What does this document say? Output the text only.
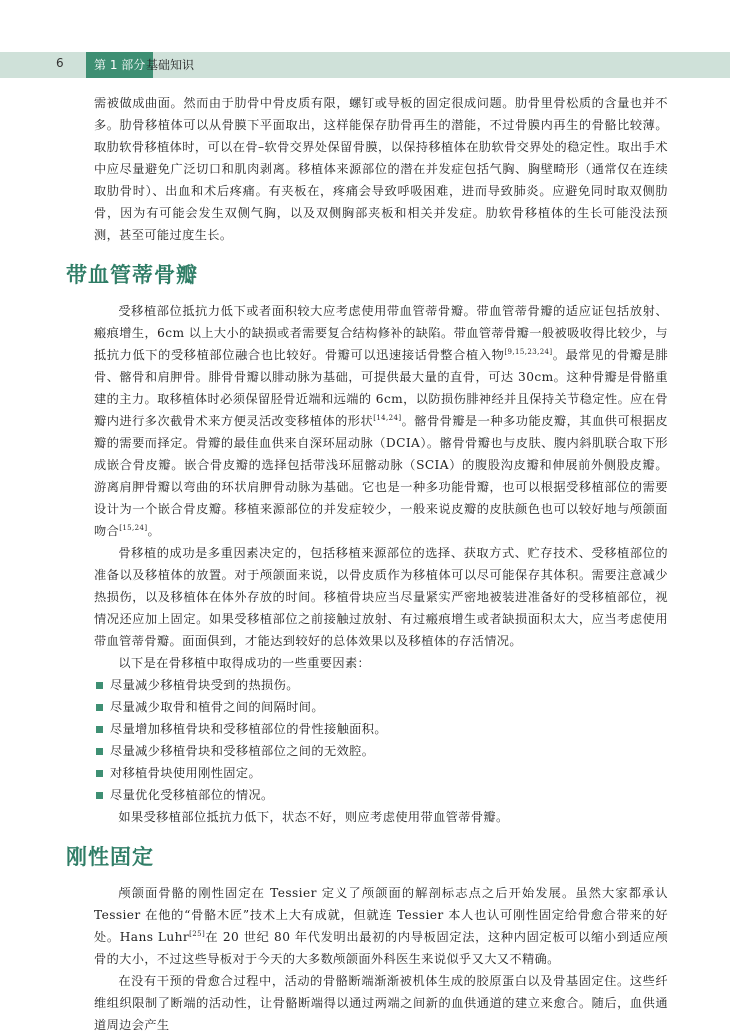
6	第 1 部分 基础知识

需被做成曲面。然而由于肋骨中骨皮质有限，螺钉或导板的固定很成问题。肋骨里骨松质的含量也并不多。肋骨移植体可以从骨膜下平面取出，这样能保存肋骨再生的潜能，不过骨膜内再生的骨骼比较薄。取肋软骨移植体时，可以在骨–软骨交界处保留骨膜，以保持移植体在肋软骨交界处的稳定性。取出手术中应尽量避免广泛切口和肌肉剥离。移植体来源部位的潜在并发症包括气胸、胸壁畸形（通常仅在连续取肋骨时）、出血和术后疼痛。有夹板在，疼痛会导致呼吸困难，进而导致肺炎。应避免同时取双侧肋骨，因为有可能会发生双侧气胸，以及双侧胸部夹板和相关并发症。肋软骨移植体的生长可能没法预测，甚至可能过度生长。

带血管蒂骨瓣

受移植部位抵抗力低下或者面积较大应考虑使用带血管蒂骨瓣。带血管蒂骨瓣的适应证包括放射、瘢痕增生，6cm 以上大小的缺损或者需要复合结构修补的缺陷。带血管蒂骨瓣一般被吸收得比较少，与抵抗力低下的受移植部位融合也比较好。骨瓣可以迅速接话骨整合植入物[9,15,23,24]。最常见的骨瓣是腓骨、髂骨和肩胛骨。腓骨骨瓣以腓动脉为基础，可提供最大量的直骨，可达 30cm。这种骨瓣是骨骼重建的主力。取移植体时必须保留胫骨近端和远端的 6cm，以防损伤腓神经并且保持关节稳定性。应在骨瓣内进行多次截骨术来方便灵活改变移植体的形状[14,24]。髂骨骨瓣是一种多功能皮瓣，其血供可根据皮瓣的需要而择定。骨瓣的最佳血供来自深环屈动脉（DCIA）。髂骨骨瓣也与皮肤、腹内斜肌联合取下形成嵌合骨皮瓣。嵌合骨皮瓣的选择包括带浅环屈髂动脉（SCIA）的腹股沟皮瓣和伸展前外侧股皮瓣。游离肩胛骨瓣以弯曲的环状肩胛骨动脉为基础。它也是一种多功能骨瓣，也可以根据受移植部位的需要设计为一个嵌合骨皮瓣。移植来源部位的并发症较少，一般来说皮瓣的皮肤颜色也可以较好地与颅颌面吻合[15,24]。

骨移植的成功是多重因素决定的，包括移植来源部位的选择、获取方式、贮存技术、受移植部位的准备以及移植体的放置。对于颅颌面来说，以骨皮质作为移植体可以尽可能保存其体积。需要注意减少热损伤，以及移植体在体外存放的时间。移植骨块应当尽量紧实严密地被装进准备好的受移植部位，视情况还应加上固定。如果受移植部位之前接触过放射、有过瘢痕增生或者缺损面积太大，应当考虑使用带血管蒂骨瓣。面面俱到，才能达到较好的总体效果以及移植体的存活情况。

以下是在骨移植中取得成功的一些重要因素：

尽量减少移植骨块受到的热损伤。
尽量减少取骨和植骨之间的间隔时间。
尽量增加移植骨块和受移植部位的骨性接触面积。
尽量减少移植骨块和受移植部位之间的无效腔。
对移植骨块使用刚性固定。
尽量优化受移植部位的情况。

如果受移植部位抵抗力低下，状态不好，则应考虑使用带血管蒂骨瓣。

刚性固定

颅颌面骨骼的刚性固定在 Tessier 定义了颅颌面的解剖标志点之后开始发展。虽然大家都承认 Tessier 在他的“骨骼木匠”技术上大有成就，但就连 Tessier 本人也认可刚性固定给骨愈合带来的好处。Hans Luhr[25]在 20 世纪 80 年代发明出最初的内导板固定法，这种内固定板可以缩小到适应颅骨的大小，不过这些导板对于今天的大多数颅颌面外科医生来说似乎又大又不精确。

在没有干预的骨愈合过程中，活动的骨骼断端渐渐被机体生成的胶原蛋白以及骨基固定住。这些纤维组织限制了断端的活动性，让骨骼断端得以通过两端之间新的血供通道的建立来愈合。随后，血供通道周边会产生
